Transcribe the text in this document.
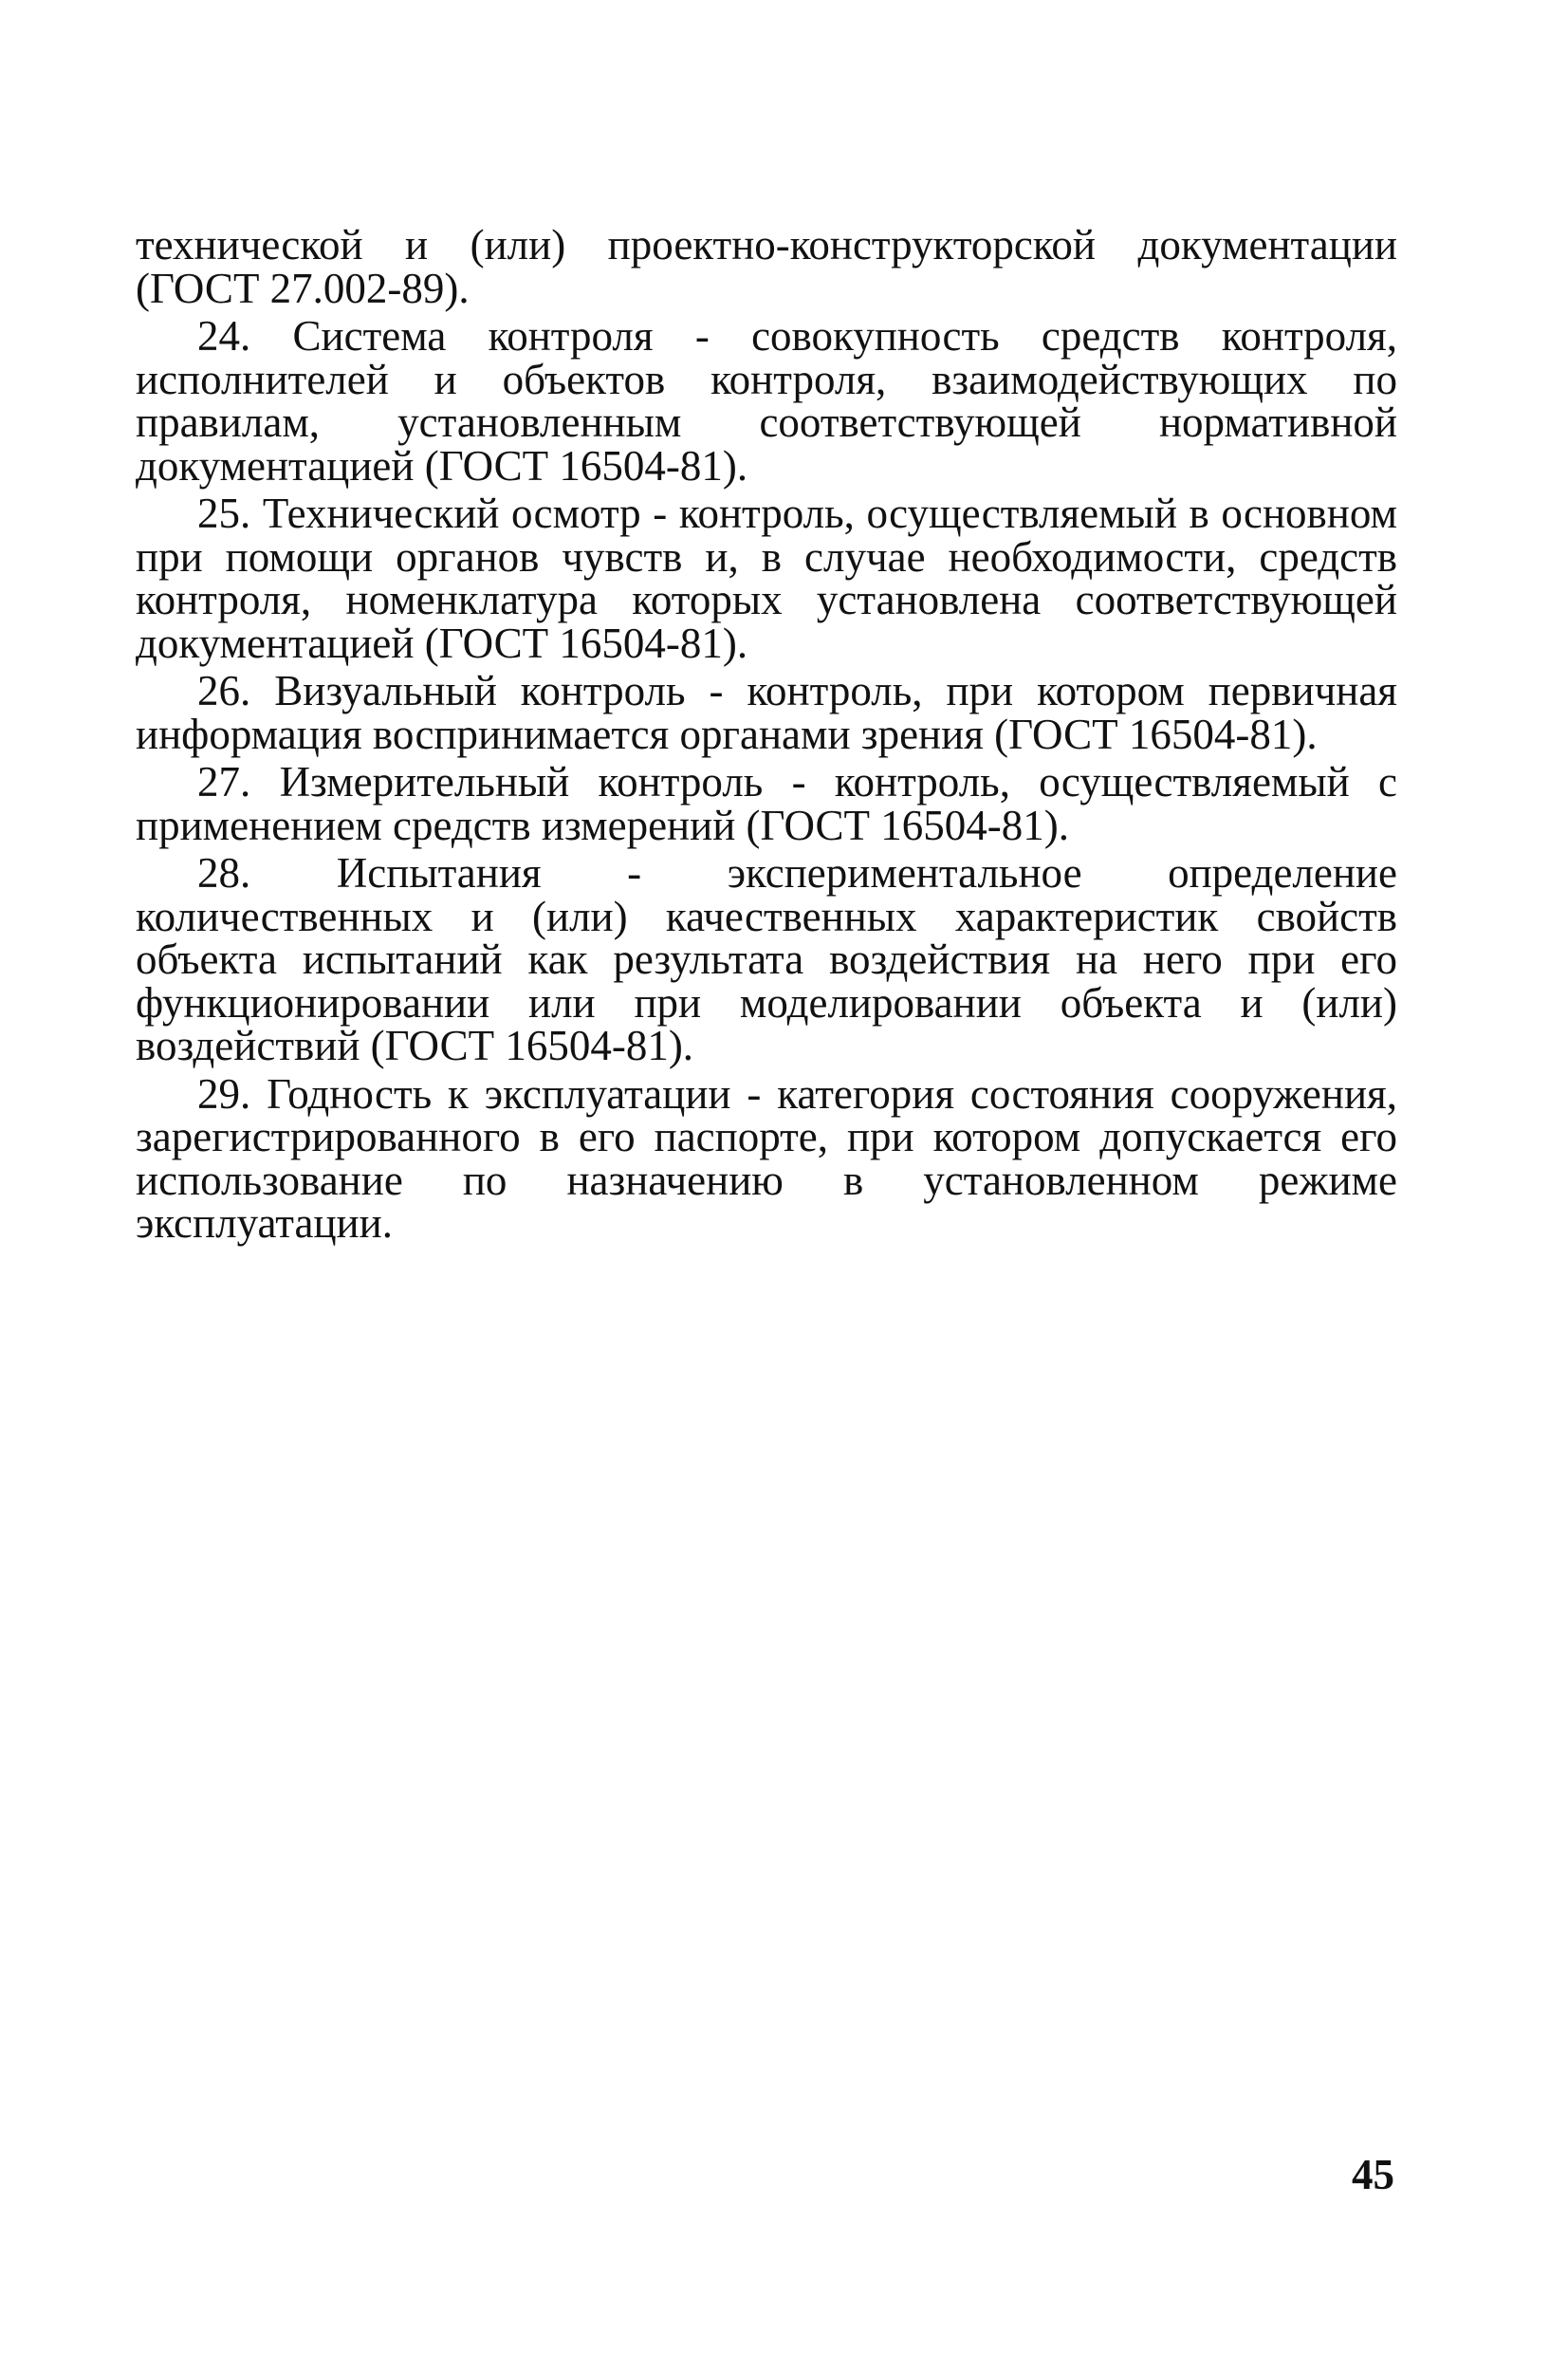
технической и (или) проектно-конструкторской документации (ГОСТ 27.002-89).

24. Система контроля - совокупность средств контроля, исполнителей и объектов контроля, взаимодействующих по правилам, установленным соответствующей нормативной документацией (ГОСТ 16504-81).

25. Технический осмотр - контроль, осуществляемый в основном при помощи органов чувств и, в случае необходимости, средств контроля, номенклатура которых установлена соответствующей документацией (ГОСТ 16504-81).

26. Визуальный контроль - контроль, при котором первичная информация воспринимается органами зрения (ГОСТ 16504-81).

27. Измерительный контроль - контроль, осуществляемый с применением средств измерений (ГОСТ 16504-81).

28. Испытания - экспериментальное определение количественных и (или) качественных характеристик свойств объекта испытаний как результата воздействия на него при его функционировании или при моделировании объекта и (или) воздействий (ГОСТ 16504-81).

29. Годность к эксплуатации - категория состояния сооружения, зарегистрированного в его паспорте, при котором допускается его использование по назначению в установленном режиме эксплуатации.

45
